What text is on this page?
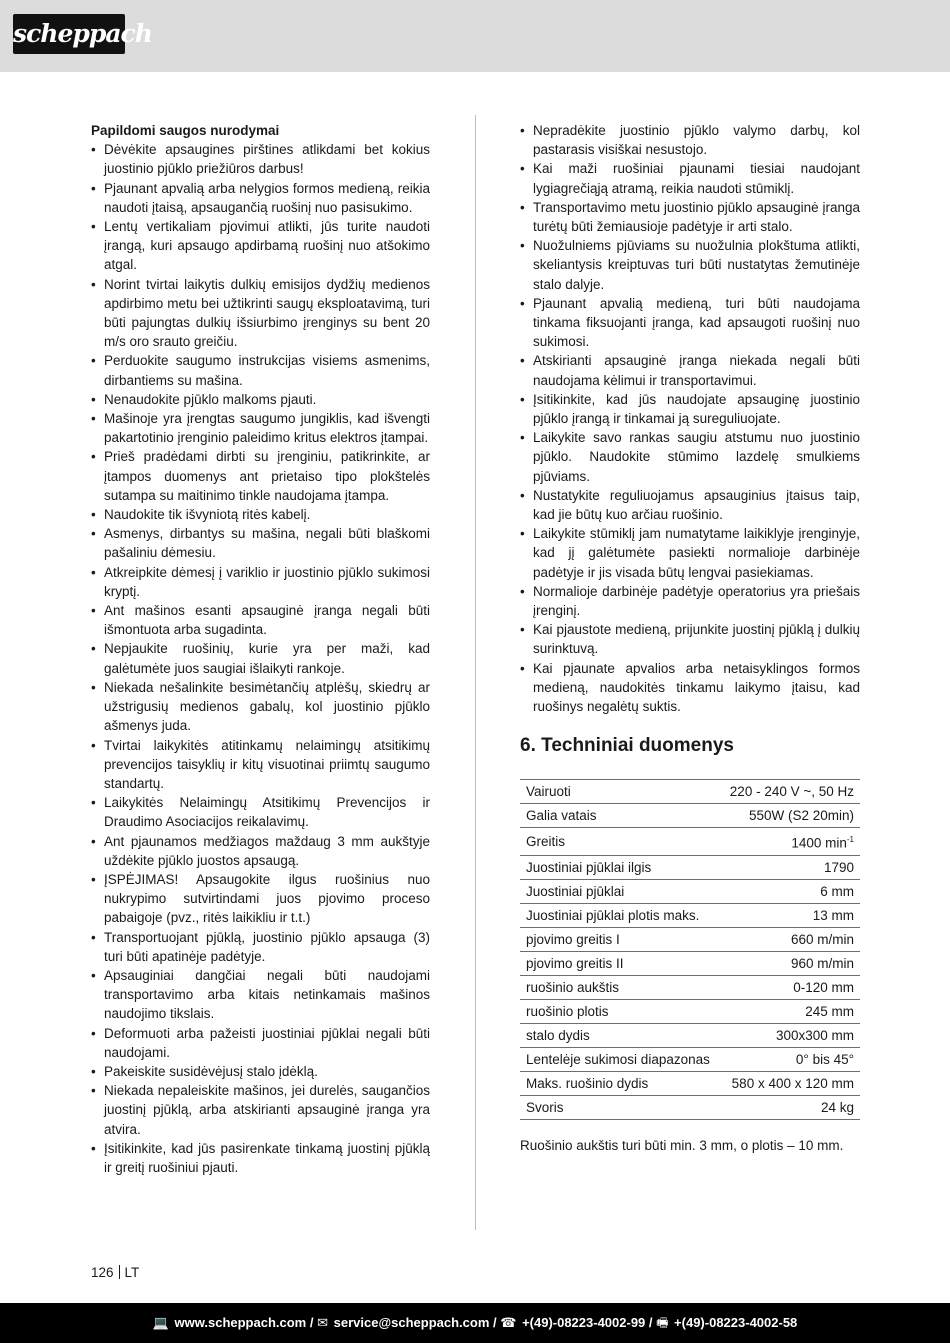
scheppach
Papildomi saugos nurodymai
• Dėvėkite apsaugines pirštines atlikdami bet kokius juostinio pjūklo priežiūros darbus!
• Pjaunant apvalią arba nelygios formos medieną, reikia naudoti įtaisą, apsaugančią ruošinį nuo pasisukimo.
• Lentų vertikaliam pjovimui atlikti, jūs turite naudoti įrangą, kuri apsaugo apdirbamą ruošinį nuo atšokimo atgal.
• Norint tvirtai laikytis dulkių emisijos dydžių medienos apdirbimo metu bei užtikrinti saugų eksploatavimą, turi būti pajungtas dulkių išsiurbimo įrenginys su bent 20 m/s oro srauto greičiu.
• Perduokite saugumo instrukcijas visiems asmenims, dirbantiems su mašina.
• Nenaudokite pjūklo malkoms pjauti.
• Mašinoje yra įrengtas saugumo jungiklis, kad išvengti pakartotinio įrenginio paleidimo kritus elektros įtampai.
• Prieš pradėdami dirbti su įrenginiu, patikrinkite, ar įtampos duomenys ant prietaiso tipo plokštelės sutampa su maitinimo tinkle naudojama įtampa.
• Naudokite tik išvyniotą ritės kabelį.
• Asmenys, dirbantys su mašina, negali būti blaškomi pašaliniu dėmesiu.
• Atkreipkite dėmesį į variklio ir juostinio pjūklo sukimosi kryptį.
• Ant mašinos esanti apsauginė įranga negali būti išmontuota arba sugadinta.
• Nepjaukite ruošinių, kurie yra per maži, kad galėtumėte juos saugiai išlaikyti rankoje.
• Niekada nešalinkite besimėtančių atplėšų, skiedrų ar užstrigusių medienos gabalų, kol juostinio pjūklo ašmenys juda.
• Tvirtai laikykitės atitinkamų nelaimingų atsitikimų prevencijos taisyklių ir kitų visuotinai priimtų saugumo standartų.
• Laikykitės Nelaimingų Atsitikimų Prevencijos ir Draudimo Asociacijos reikalavimų.
• Ant pjaunamos medžiagos maždaug 3 mm aukštyje uždėkite pjūklo juostos apsaugą.
• ĮSPĖJIMAS! Apsaugokite ilgus ruošinius nuo nukrypimo sutvirtindami juos pjovimo proceso pabaigoje (pvz., ritės laikikliu ir t.t.)
• Transportuojant pjūklą, juostinio pjūklo apsauga (3) turi būti apatinėje padėtyje.
• Apsauginiai dangčiai negali būti naudojami transportavimo arba kitais netinkamais mašinos naudojimo tikslais.
• Deformuoti arba pažeisti juostiniai pjūklai negali būti naudojami.
• Pakeiskite susidėvėjusį stalo įdėklą.
• Niekada nepaleiskite mašinos, jei durelės, saugančios juostinį pjūklą, arba atskirianti apsauginė įranga yra atvira.
• Įsitikinkite, kad jūs pasirenkate tinkamą juostinį pjūklą ir greitį ruošiniui pjauti.
• Nepradėkite juostinio pjūklo valymo darbų, kol pastarasis visiškai nesustojo.
• Kai maži ruošiniai pjaunami tiesiai naudojant lygiagrečiąją atramą, reikia naudoti stūmiklį.
• Transportavimo metu juostinio pjūklo apsauginė įranga turėtų būti žemiausioje padėtyje ir arti stalo.
• Nuožulniems pjūviams su nuožulnia plokštuma atlikti, skeliantysis kreiptuvas turi būti nustatytas žemutinėje stalo dalyje.
• Pjaunant apvalią medieną, turi būti naudojama tinkama fiksuojanti įranga, kad apsaugoti ruošinį nuo sukimosi.
• Atskirianti apsauginė įranga niekada negali būti naudojama kėlimui ir transportavimui.
• Įsitikinkite, kad jūs naudojate apsauginę juostinio pjūklo įrangą ir tinkamai ją sureguliuojate.
• Laikykite savo rankas saugiu atstumu nuo juostinio pjūklo. Naudokite stūmimo lazdelę smulkiems pjūviams.
• Nustatykite reguliuojamus apsauginius įtaisus taip, kad jie būtų kuo arčiau ruošinio.
• Laikykite stūmiklį jam numatytame laikiklyje įrenginyje, kad jį galėtumėte pasiekti normalioje darbinėje padėtyje ir jis visada būtų lengvai pasiekiamas.
• Normalioje darbinėje padėtyje operatorius yra priešais įrenginį.
• Kai pjaustote medieną, prijunkite juostinį pjūklą į dulkių surinktuvą.
• Kai pjaunate apvalios arba netaisyklingos formos medieną, naudokitės tinkamu laikymo įtaisu, kad ruošinys negalėtų suktis.
6. Techniniai duomenys
Vairuoti	220 - 240 V ~, 50 Hz
Galia vatais	550W (S2 20min)
Greitis	1400 $\min^{-1}$
Juostiniai pjūklai ilgis	1790
Juostiniai pjūklai	6 mm
Juostiniai pjūklai plotis maks.	13 mm
pjovimo greitis I	660 m/min
pjovimo greitis II	960 m/min
ruošinio aukštis	0-120 mm
ruošinio plotis	245 mm
stalo dydis	300x300 mm
Lentelėje sukimosi diapazonas	0° bis 45°
Maks. ruošinio dydis	580 x 400 x 120 mm
Svoris	24 kg
Ruošinio aukštis turi būti min. 3 mm, o plotis – 10 mm.
126 LT
💻 www.scheppach.com / ✉ service@scheppach.com / ☎ +(49)-08223-4002-99 / 🖷 +(49)-08223-4002-58
